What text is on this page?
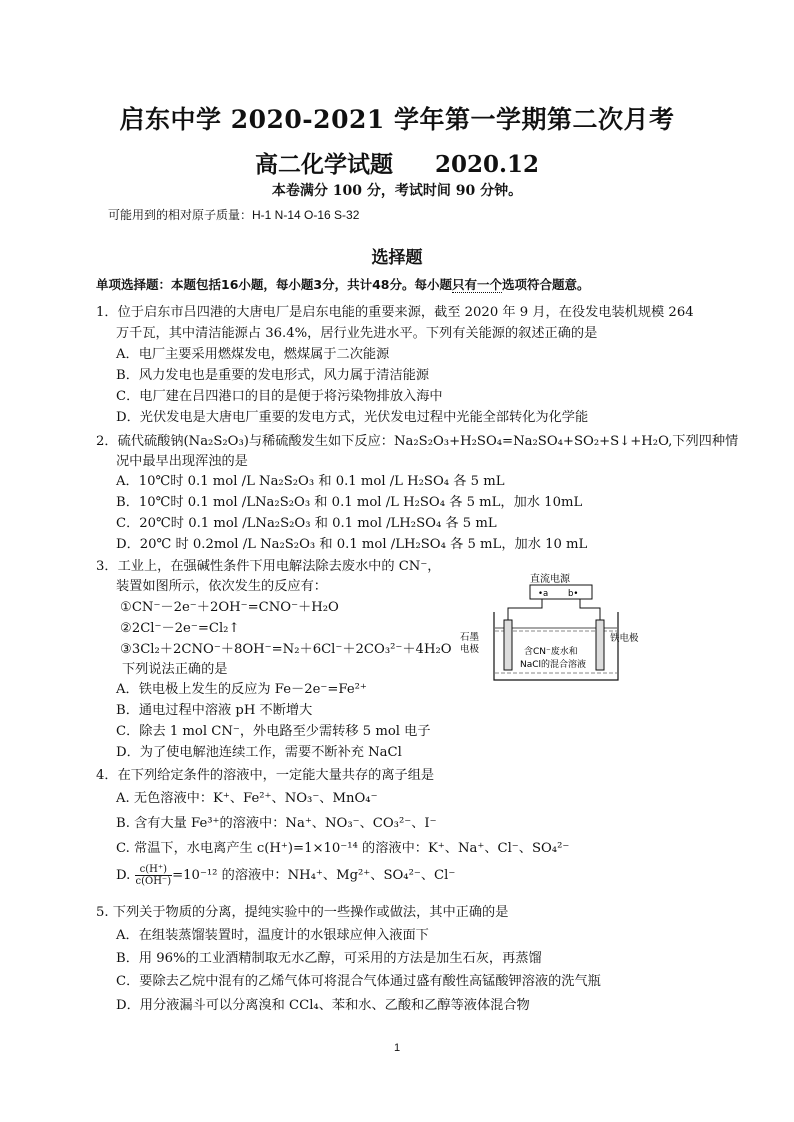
启东中学 2020-2021 学年第一学期第二次月考
高二化学试题 2020.12
本卷满分 100 分，考试时间 90 分钟。
可能用到的相对原子质量：H-1 N-14 O-16 S-32
选择题
单项选择题：本题包括16小题，每小题3分，共计48分。每小题只有一个选项符合题意。
1．位于启东市吕四港的大唐电厂是启东电能的重要来源，截至 2020 年 9 月，在役发电装机规模 264
万千瓦，其中清洁能源占 36.4%，居行业先进水平。下列有关能源的叙述正确的是
A．电厂主要采用燃煤发电，燃煤属于二次能源
B．风力发电也是重要的发电形式，风力属于清洁能源
C．电厂建在吕四港口的目的是便于将污染物排放入海中
D．光伏发电是大唐电厂重要的发电方式，光伏发电过程中光能全部转化为化学能
2．硫代硫酸钠(Na₂S₂O₃)与稀硫酸发生如下反应：Na₂S₂O₃+H₂SO₄=Na₂SO₄+SO₂+S↓+H₂O,下列四种情
况中最早出现浑浊的是
A．10℃时 0.1 mol /L Na₂S₂O₃ 和 0.1 mol /L H₂SO₄ 各 5 mL
B．10℃时 0.1 mol /LNa₂S₂O₃ 和 0.1 mol /L H₂SO₄ 各 5 mL，加水 10mL
C．20℃时 0.1 mol /LNa₂S₂O₃ 和 0.1 mol /LH₂SO₄ 各 5 mL
D．20℃ 时 0.2mol /L Na₂S₂O₃ 和 0.1 mol /LH₂SO₄ 各 5 mL，加水 10 mL
3．工业上，在强碱性条件下用电解法除去废水中的 CN⁻，
装置如图所示，依次发生的反应有：
①CN⁻－2e⁻＋2OH⁻=CNO⁻＋H₂O
②2Cl⁻－2e⁻=Cl₂↑
③3Cl₂＋2CNO⁻＋8OH⁻=N₂＋6Cl⁻＋2CO₃²⁻＋4H₂O
下列说法正确的是
A．铁电极上发生的反应为 Fe－2e⁻=Fe²⁺
B．通电过程中溶液 pH 不断增大
C．除去 1 mol CN⁻，外电路至少需转移 5 mol 电子
D．为了使电解池连续工作，需要不断补充 NaCl
直流电源
•a b•
石墨
电极
铁电极
含CN⁻废水和
NaCl的混合溶液
4．在下列给定条件的溶液中，一定能大量共存的离子组是
A. 无色溶液中：K⁺、Fe²⁺、NO₃⁻、MnO₄⁻
B. 含有大量 Fe³⁺的溶液中：Na⁺、NO₃⁻、CO₃²⁻、I⁻
C. 常温下，水电离产生 c(H⁺)=1×10⁻¹⁴ 的溶液中：K⁺、Na⁺、Cl⁻、SO₄²⁻
D. $\frac{c(H^+)}{c(OH^-)} =10^{-12}$ 的溶液中：NH₄⁺、Mg²⁺、SO₄²⁻、Cl⁻
5. 下列关于物质的分离，提纯实验中的一些操作或做法，其中正确的是
A．在组装蒸馏装置时，温度计的水银球应伸入液面下
B．用 96%的工业酒精制取无水乙醇，可采用的方法是加生石灰，再蒸馏
C．要除去乙烷中混有的乙烯气体可将混合气体通过盛有酸性高锰酸钾溶液的洗气瓶
D．用分液漏斗可以分离溴和 CCl₄、苯和水、乙酸和乙醇等液体混合物
1
